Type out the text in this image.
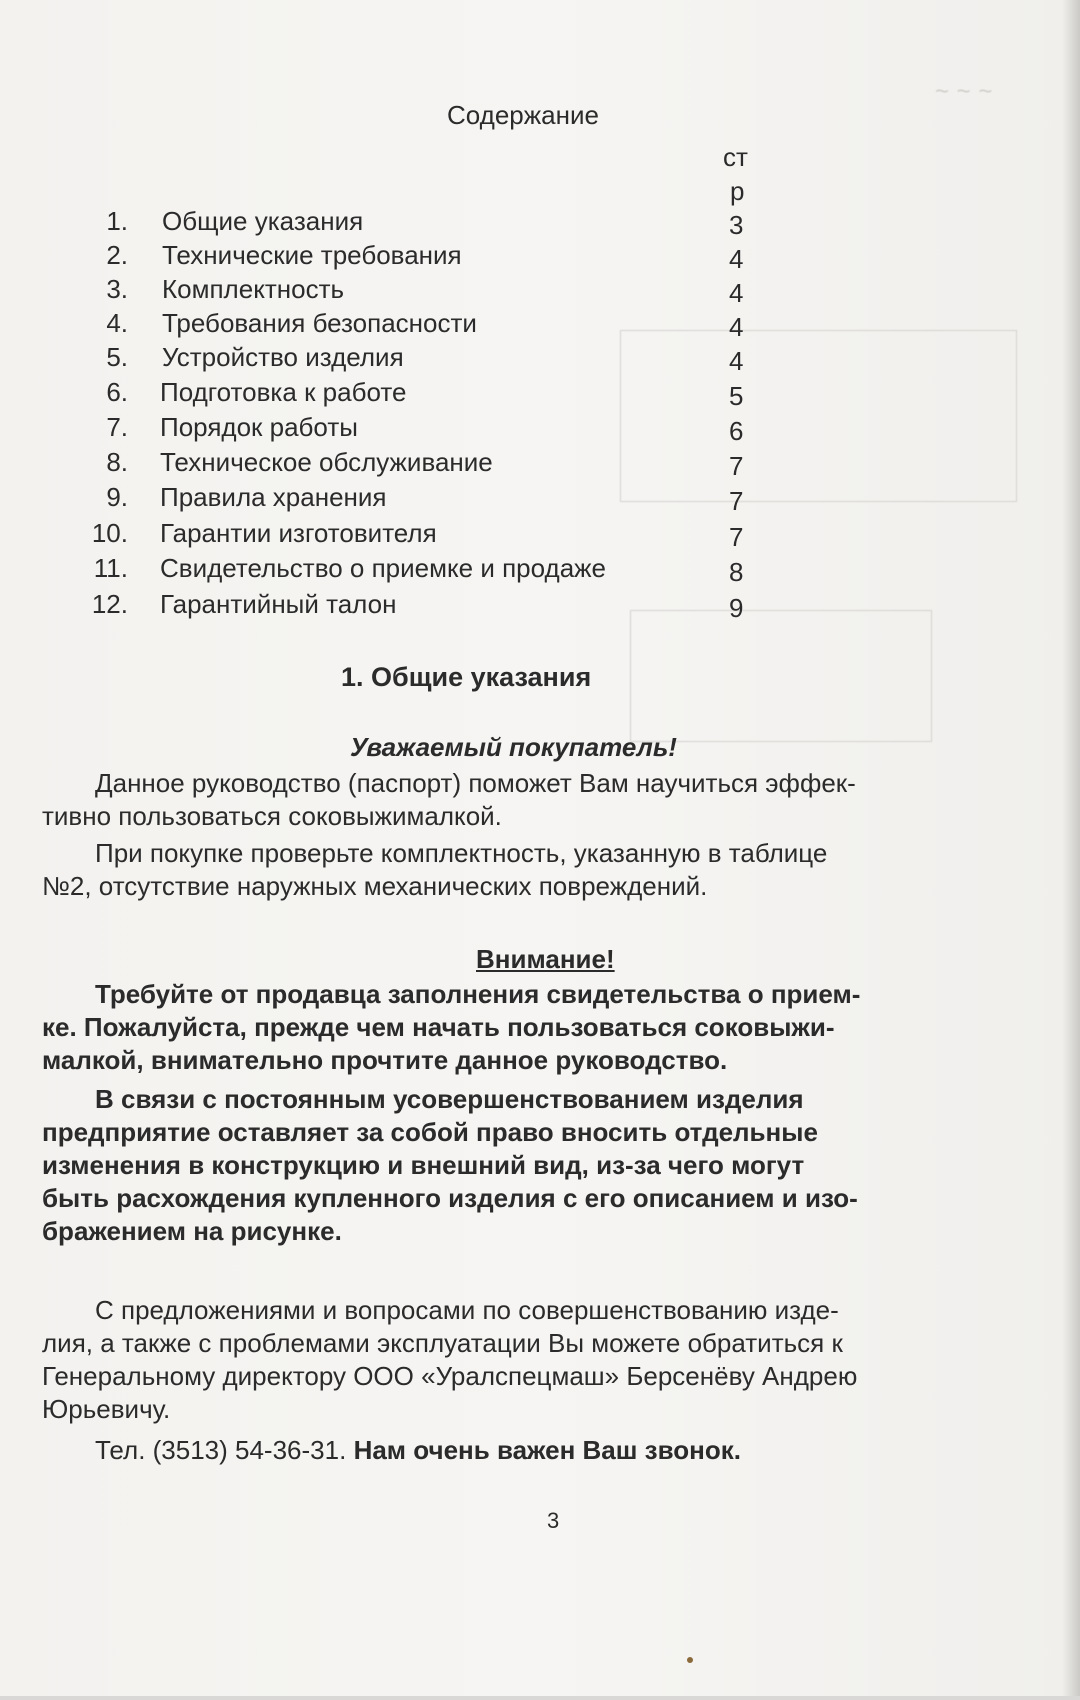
~ ~ ~
Содержание
ст
р
1. Общие указания	3
2. Технические требования	4
3. Комплектность	4
4. Требования безопасности	4
5. Устройство изделия	4
6. Подготовка к работе	5
7. Порядок работы	6
8. Техническое обслуживание	7
9. Правила хранения	7
10. Гарантии изготовителя	7
11. Свидетельство о приемке и продаже	8
12. Гарантийный талон	9
1. Общие указания
Уважаемый покупатель!
Данное руководство (паспорт) поможет Вам научиться эффек-
тивно пользоваться соковыжималкой.
При покупке проверьте комплектность, указанную в таблице
№2, отсутствие наружных механических повреждений.
Внимание!
Требуйте от продавца заполнения свидетельства о прием-
ке. Пожалуйста, прежде чем начать пользоваться соковыжи-
малкой, внимательно прочтите данное руководство.
В связи с постоянным усовершенствованием изделия
предприятие оставляет за собой право вносить отдельные
изменения в конструкцию и внешний вид, из-за чего могут
быть расхождения купленного изделия с его описанием и изо-
бражением на рисунке.
С предложениями и вопросами по совершенствованию изде-
лия, а также с проблемами эксплуатации Вы можете обратиться к
Генеральному директору ООО «Уралспецмаш» Берсенёву Андрею
Юрьевичу.
Тел. (3513) 54-36-31. Нам очень важен Ваш звонок.
3
